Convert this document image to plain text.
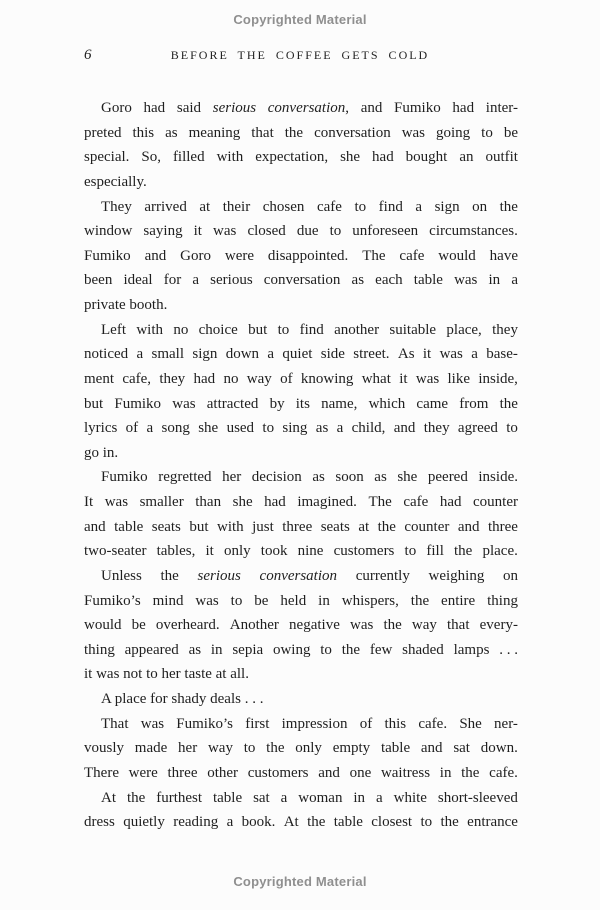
Copyrighted Material
6	BEFORE THE COFFEE GETS COLD
Goro had said serious conversation, and Fumiko had inter-
preted this as meaning that the conversation was going to be
special. So, filled with expectation, she had bought an outfit
especially.
They arrived at their chosen cafe to find a sign on the
window saying it was closed due to unforeseen circumstances.
Fumiko and Goro were disappointed. The cafe would have
been ideal for a serious conversation as each table was in a
private booth.
Left with no choice but to find another suitable place, they
noticed a small sign down a quiet side street. As it was a base-
ment cafe, they had no way of knowing what it was like inside,
but Fumiko was attracted by its name, which came from the
lyrics of a song she used to sing as a child, and they agreed to
go in.
Fumiko regretted her decision as soon as she peered inside.
It was smaller than she had imagined. The cafe had counter
and table seats but with just three seats at the counter and three
two-seater tables, it only took nine customers to fill the place.
Unless the serious conversation currently weighing on
Fumiko’s mind was to be held in whispers, the entire thing
would be overheard. Another negative was the way that every-
thing appeared as in sepia owing to the few shaded lamps . . .
it was not to her taste at all.
A place for shady deals . . .
That was Fumiko’s first impression of this cafe. She ner-
vously made her way to the only empty table and sat down.
There were three other customers and one waitress in the cafe.
At the furthest table sat a woman in a white short-sleeved
dress quietly reading a book. At the table closest to the entrance
Copyrighted Material
